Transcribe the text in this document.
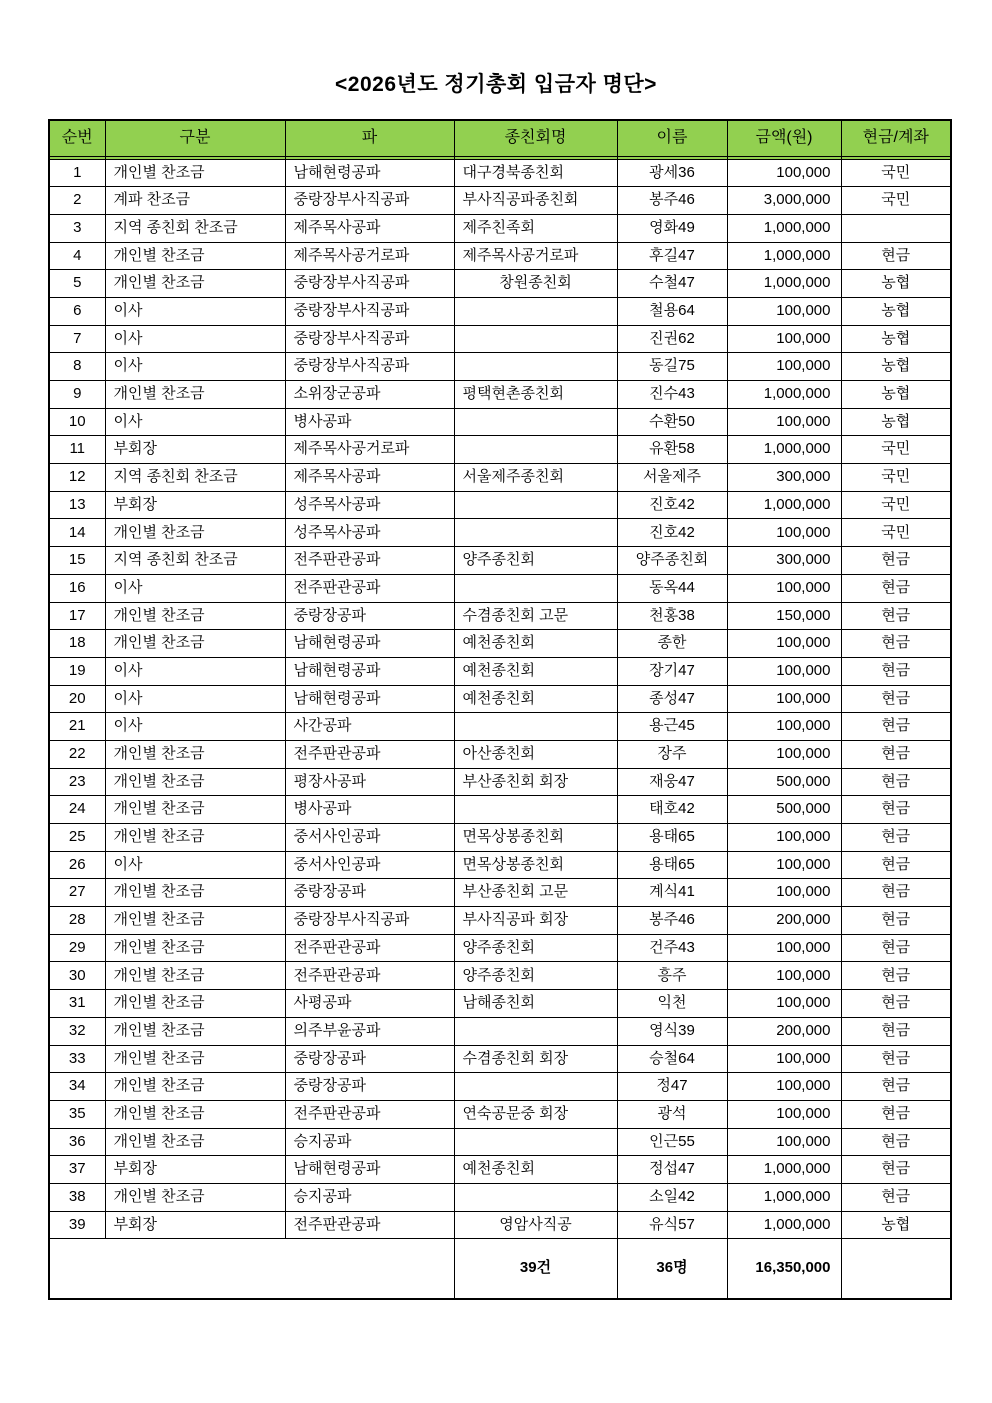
<2026년도 정기총회 입금자 명단>
순번	구분	파	종친회명	이름	금액(원)	현금/계좌

1	개인별 찬조금	남해현령공파	대구경북종친회	광세36	100,000	국민
2	계파 찬조금	중랑장부사직공파	부사직공파종친회	봉주46	3,000,000	국민
3	지역 종친회 찬조금	제주목사공파	제주친족회	영화49	1,000,000	
4	개인별 찬조금	제주목사공거로파	제주목사공거로파	후길47	1,000,000	현금
5	개인별 찬조금	중랑장부사직공파	창원종친회	수철47	1,000,000	농협
6	이사	중랑장부사직공파		철용64	100,000	농협
7	이사	중랑장부사직공파		진권62	100,000	농협
8	이사	중랑장부사직공파		동길75	100,000	농협
9	개인별 찬조금	소위장군공파	평택현촌종친회	진수43	1,000,000	농협
10	이사	병사공파		수환50	100,000	농협
11	부회장	제주목사공거로파		유환58	1,000,000	국민
12	지역 종친회 찬조금	제주목사공파	서울제주종친회	서울제주	300,000	국민
13	부회장	성주목사공파		진호42	1,000,000	국민
14	개인별 찬조금	성주목사공파		진호42	100,000	국민
15	지역 종친회 찬조금	전주판관공파	양주종친회	양주종친회	300,000	현금
16	이사	전주판관공파		동옥44	100,000	현금
17	개인별 찬조금	중랑장공파	수겸종친회 고문	천홍38	150,000	현금
18	개인별 찬조금	남해현령공파	예천종친회	종한	100,000	현금
19	이사	남해현령공파	예천종친회	장기47	100,000	현금
20	이사	남해현령공파	예천종친회	종성47	100,000	현금
21	이사	사간공파		용근45	100,000	현금
22	개인별 찬조금	전주판관공파	아산종친회	장주	100,000	현금
23	개인별 찬조금	평장사공파	부산종친회 회장	재웅47	500,000	현금
24	개인별 찬조금	병사공파		태호42	500,000	현금
25	개인별 찬조금	중서사인공파	면목상봉종친회	용태65	100,000	현금
26	이사	중서사인공파	면목상봉종친회	용태65	100,000	현금
27	개인별 찬조금	중랑장공파	부산종친회 고문	계식41	100,000	현금
28	개인별 찬조금	중랑장부사직공파	부사직공파 회장	봉주46	200,000	현금
29	개인별 찬조금	전주판관공파	양주종친회	건주43	100,000	현금
30	개인별 찬조금	전주판관공파	양주종친회	흥주	100,000	현금
31	개인별 찬조금	사평공파	남해종친회	익천	100,000	현금
32	개인별 찬조금	의주부윤공파		영식39	200,000	현금
33	개인별 찬조금	중랑장공파	수겸종친회 회장	승철64	100,000	현금
34	개인별 찬조금	중랑장공파		정47	100,000	현금
35	개인별 찬조금	전주판관공파	연숙공문중 회장	광석	100,000	현금
36	개인별 찬조금	승지공파		인근55	100,000	현금
37	부회장	남해현령공파	예천종친회	정섭47	1,000,000	현금
38	개인별 찬조금	승지공파		소일42	1,000,000	현금
39	부회장	전주판관공파	영암사직공	유식57	1,000,000	농협
			39건	36명	16,350,000	
